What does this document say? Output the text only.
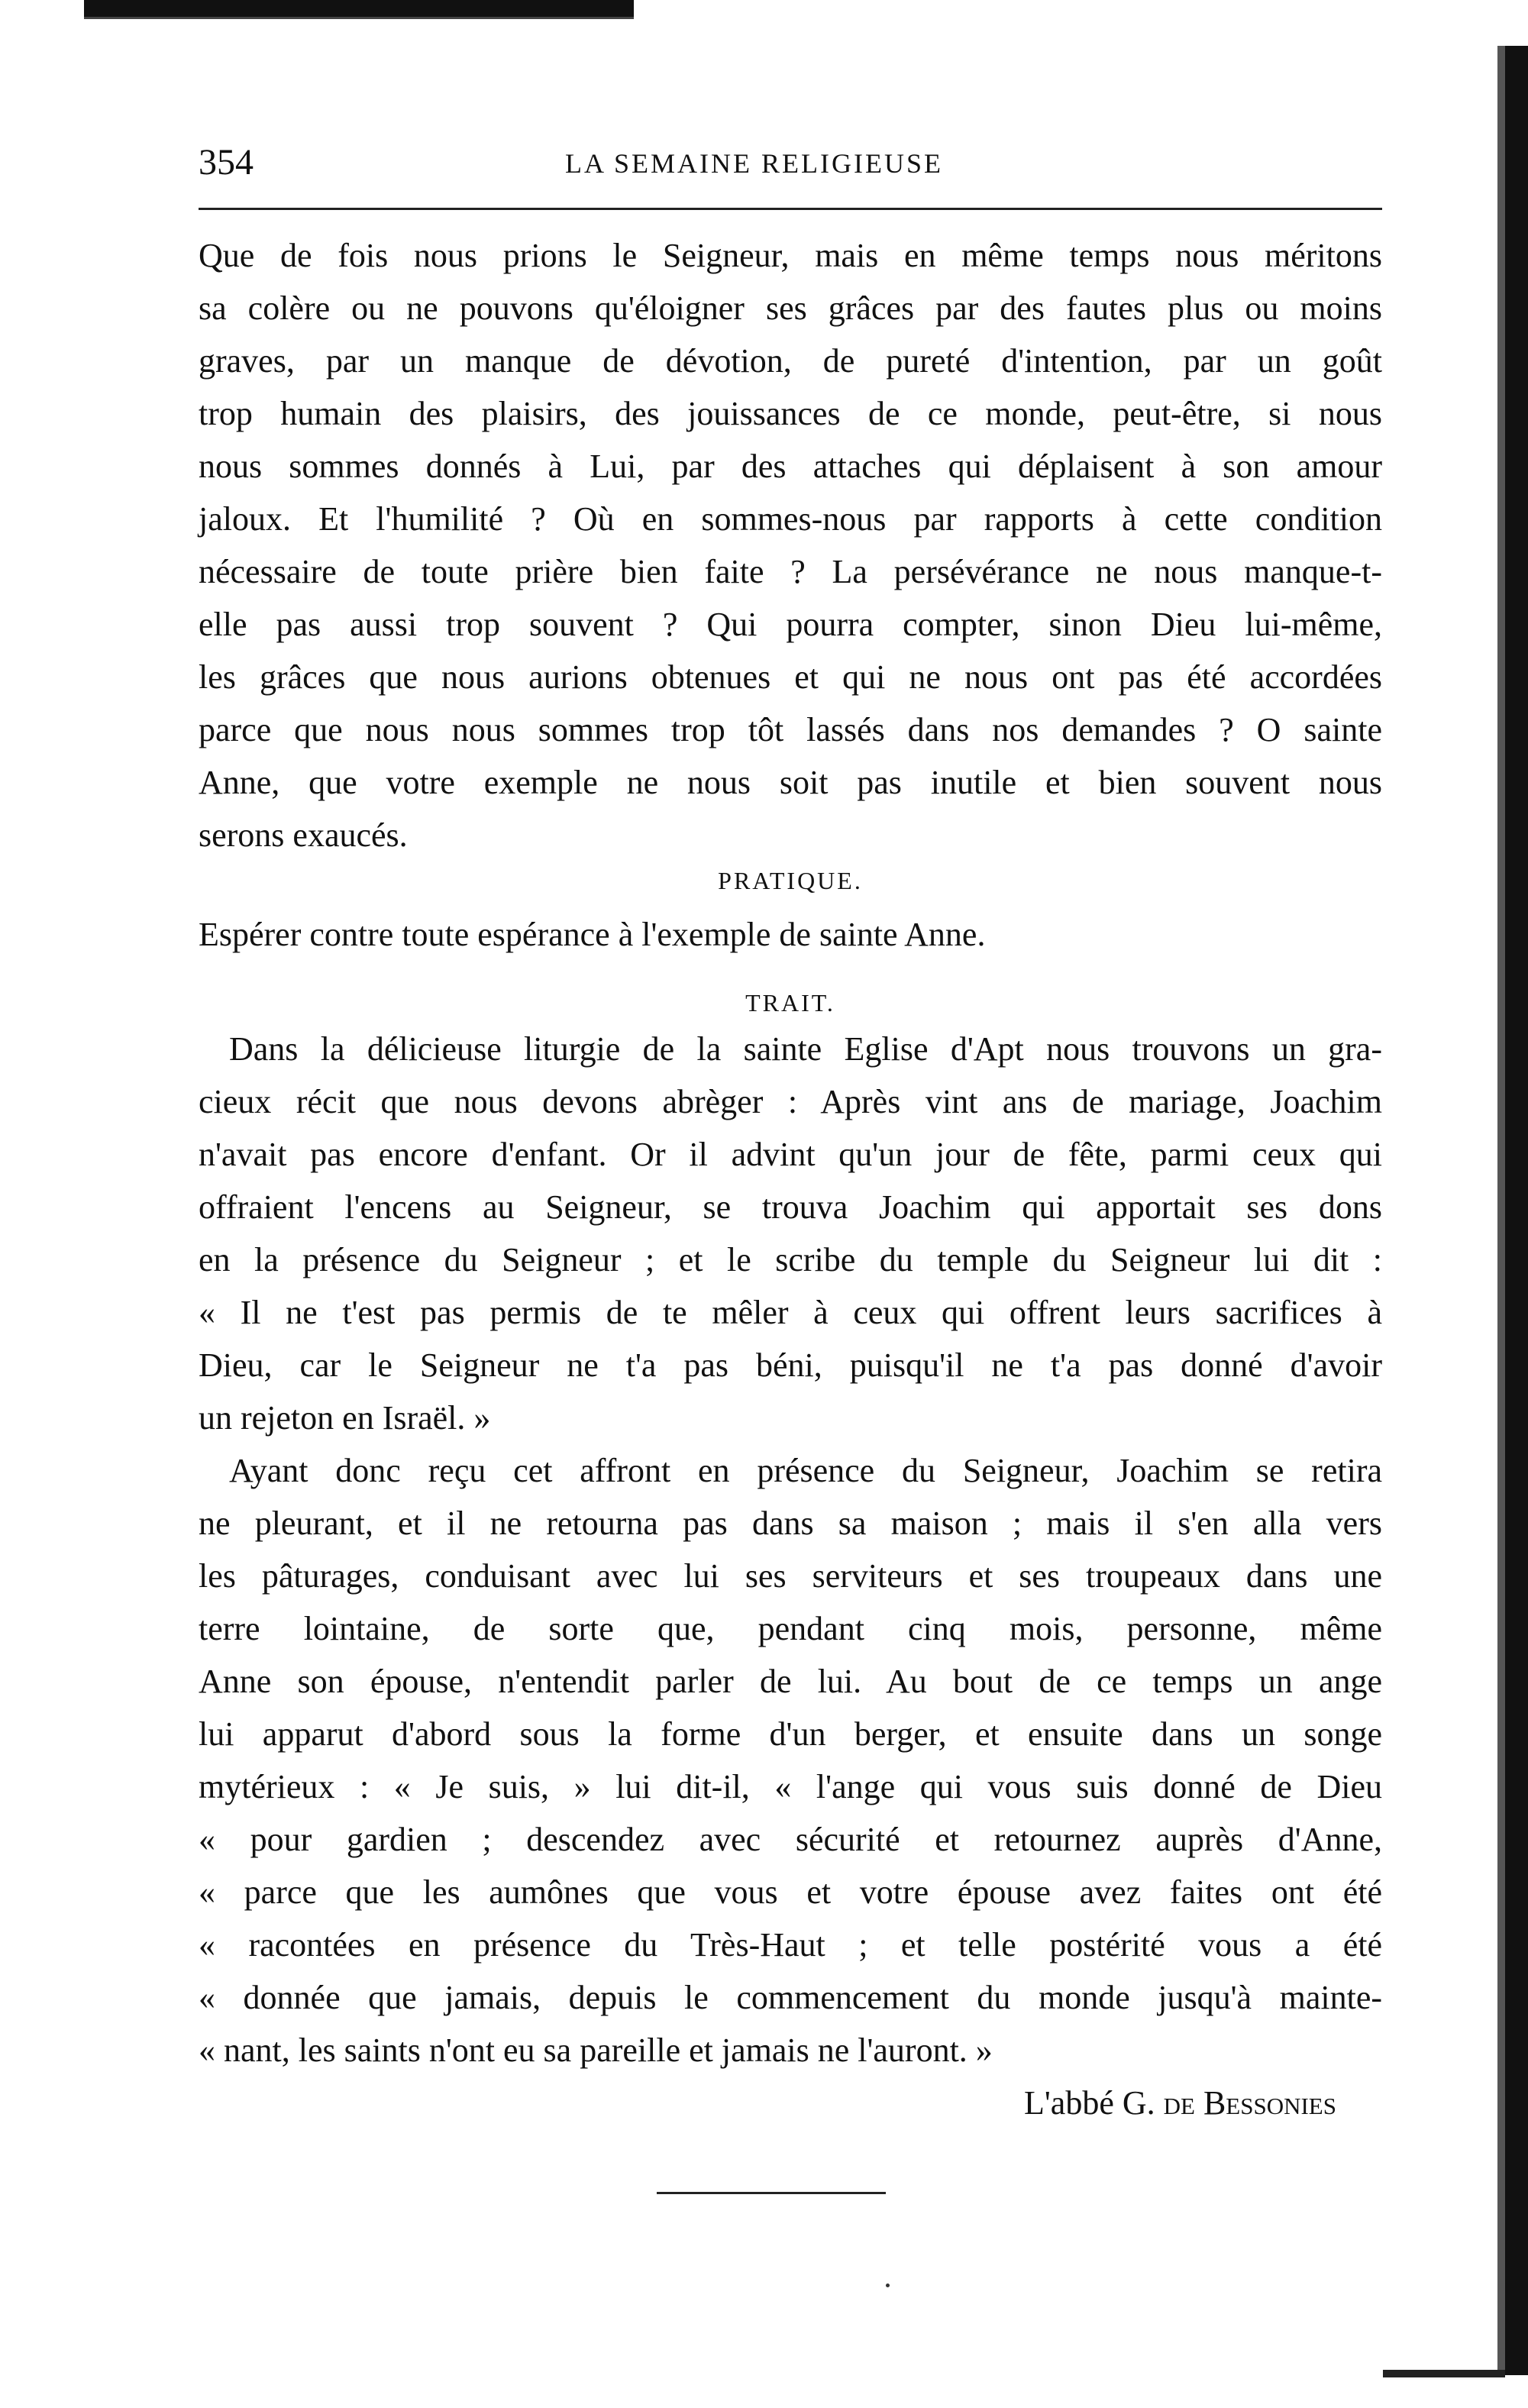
354	LA SEMAINE RELIGIEUSE
Que de fois nous prions le Seigneur, mais en même temps nous méritons
sa colère ou ne pouvons qu'éloigner ses grâces par des fautes plus ou moins
graves, par un manque de dévotion, de pureté d'intention, par un goût
trop humain des plaisirs, des jouissances de ce monde, peut-être, si nous
nous sommes donnés à Lui, par des attaches qui déplaisent à son amour
jaloux. Et l'humilité ? Où en sommes-nous par rapports à cette condition
nécessaire de toute prière bien faite ? La persévérance ne nous manque-t-
elle pas aussi trop souvent ? Qui pourra compter, sinon Dieu lui-même,
les grâces que nous aurions obtenues et qui ne nous ont pas été accordées
parce que nous nous sommes trop tôt lassés dans nos demandes ? O sainte
Anne, que votre exemple ne nous soit pas inutile et bien souvent nous
serons exaucés.
PRATIQUE.
Espérer contre toute espérance à l'exemple de sainte Anne.
TRAIT.
Dans la délicieuse liturgie de la sainte Eglise d'Apt nous trouvons un gra-
cieux récit que nous devons abrèger : Après vint ans de mariage, Joachim
n'avait pas encore d'enfant. Or il advint qu'un jour de fête, parmi ceux qui
offraient l'encens au Seigneur, se trouva Joachim qui apportait ses dons
en la présence du Seigneur ; et le scribe du temple du Seigneur lui dit :
« Il ne t'est pas permis de te mêler à ceux qui offrent leurs sacrifices à
Dieu, car le Seigneur ne t'a pas béni, puisqu'il ne t'a pas donné d'avoir
un rejeton en Israël. »
Ayant donc reçu cet affront en présence du Seigneur, Joachim se retira
ne pleurant, et il ne retourna pas dans sa maison ; mais il s'en alla vers
les pâturages, conduisant avec lui ses serviteurs et ses troupeaux dans une
terre lointaine, de sorte que, pendant cinq mois, personne, même
Anne son épouse, n'entendit parler de lui. Au bout de ce temps un ange
lui apparut d'abord sous la forme d'un berger, et ensuite dans un songe
mytérieux : « Je suis, » lui dit-il, « l'ange qui vous suis donné de Dieu
« pour gardien ; descendez avec sécurité et retournez auprès d'Anne,
« parce que les aumônes que vous et votre épouse avez faites ont été
« racontées en présence du Très-Haut ; et telle postérité vous a été
« donnée que jamais, depuis le commencement du monde jusqu'à mainte-
« nant, les saints n'ont eu sa pareille et jamais ne l'auront. »
L'abbé G. de Bessonies
